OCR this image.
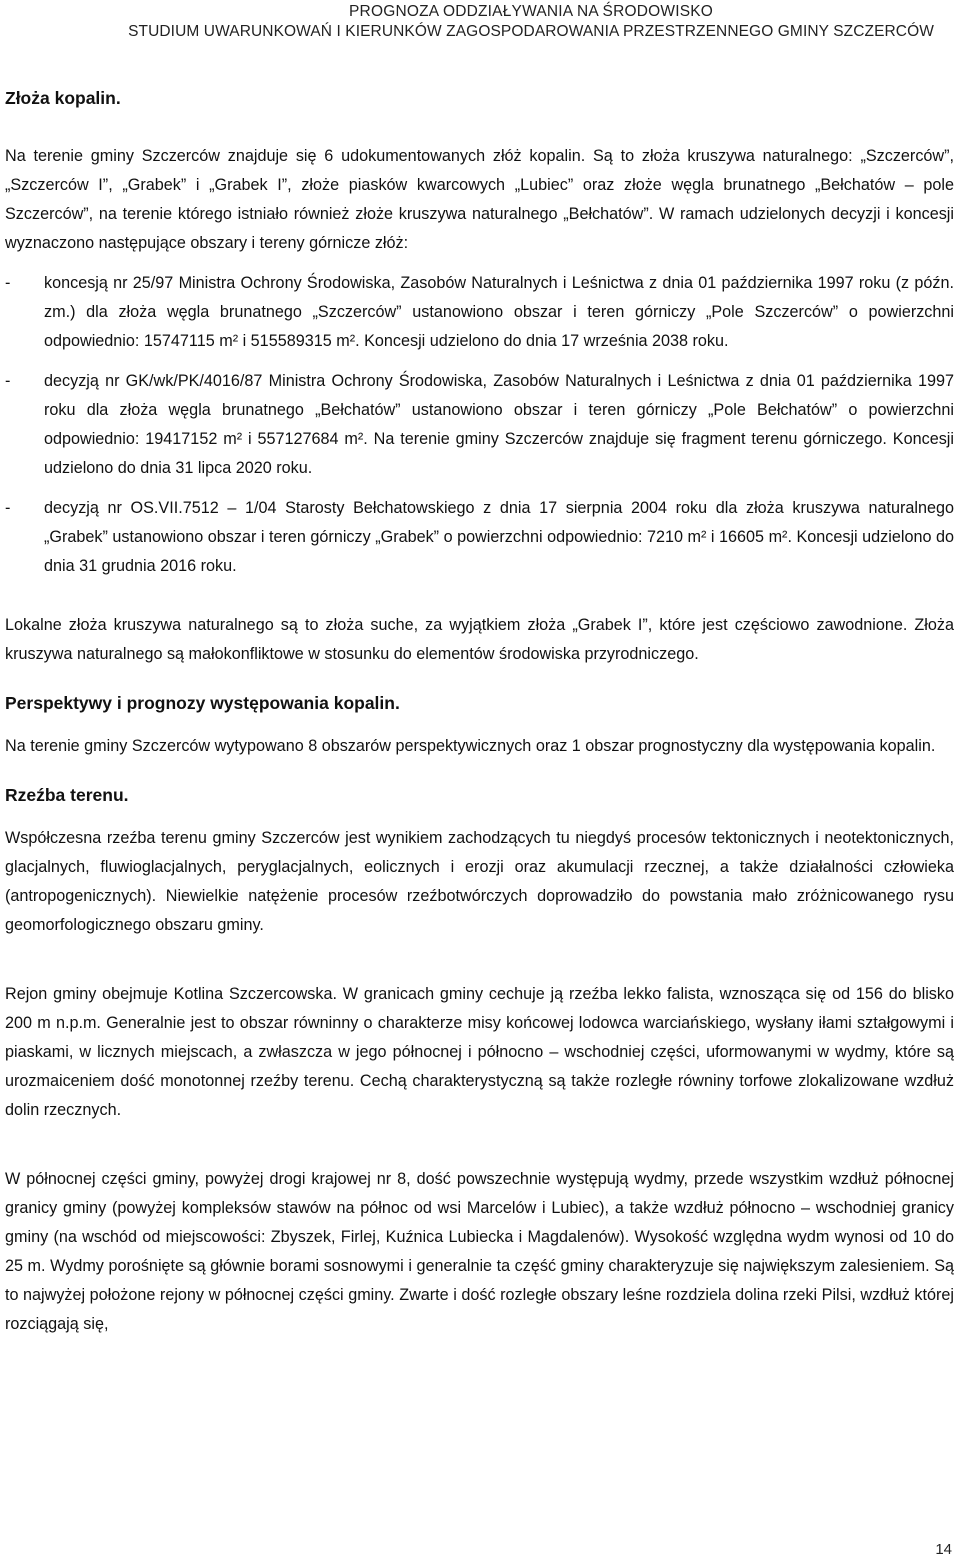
PROGNOZA ODDZIAŁYWANIA NA ŚRODOWISKO
STUDIUM UWARUNKOWAŃ I KIERUNKÓW ZAGOSPODAROWANIA PRZESTRZENNEGO GMINY SZCZERCÓW
Złoża kopalin.

Na terenie gminy Szczerców znajduje się 6 udokumentowanych złóż kopalin. Są to złoża kruszywa naturalnego: „Szczerców”, „Szczerców I”, „Grabek” i „Grabek I”, złoże piasków kwarcowych „Lubiec” oraz złoże węgla brunatnego „Bełchatów – pole Szczerców”, na terenie którego istniało również złoże kruszywa naturalnego „Bełchatów”. W ramach udzielonych decyzji i koncesji wyznaczono następujące obszary i tereny górnicze złóż:

-	koncesją nr 25/97 Ministra Ochrony Środowiska, Zasobów Naturalnych i Leśnictwa z dnia 01 października 1997 roku (z późn. zm.) dla złoża węgla brunatnego „Szczerców” ustanowiono obszar i teren górniczy „Pole Szczerców” o powierzchni odpowiednio: 15747115 m² i 515589315 m². Koncesji udzielono do dnia 17 września 2038 roku.
-	decyzją nr GK/wk/PK/4016/87 Ministra Ochrony Środowiska, Zasobów Naturalnych i Leśnictwa z dnia 01 października 1997 roku dla złoża węgla brunatnego „Bełchatów” ustanowiono obszar i teren górniczy „Pole Bełchatów” o powierzchni odpowiednio: 19417152 m² i 557127684 m². Na terenie gminy Szczerców znajduje się fragment terenu górniczego. Koncesji udzielono do dnia 31 lipca 2020 roku.
-	decyzją nr OS.VII.7512 – 1/04 Starosty Bełchatowskiego z dnia 17 sierpnia 2004 roku dla złoża kruszywa naturalnego „Grabek” ustanowiono obszar i teren górniczy „Grabek” o powierzchni odpowiednio: 7210 m² i 16605 m². Koncesji udzielono do dnia 31 grudnia 2016 roku.

Lokalne złoża kruszywa naturalnego są to złoża suche, za wyjątkiem złoża „Grabek I”, które jest częściowo zawodnione. Złoża kruszywa naturalnego są małokonfliktowe w stosunku do elementów środowiska przyrodniczego.

Perspektywy i prognozy występowania kopalin.

Na terenie gminy Szczerców wytypowano 8 obszarów perspektywicznych oraz 1 obszar prognostyczny dla występowania kopalin.

Rzeźba terenu.

Współczesna rzeźba terenu gminy Szczerców jest wynikiem zachodzących tu niegdyś procesów tektonicznych i neotektonicznych, glacjalnych, fluwioglacjalnych, peryglacjalnych, eolicznych i erozji oraz akumulacji rzecznej, a także działalności człowieka (antropogenicznych). Niewielkie natężenie procesów rzeźbotwórczych doprowadziło do powstania mało zróżnicowanego rysu geomorfologicznego obszaru gminy.

Rejon gminy obejmuje Kotlina Szczercowska. W granicach gminy cechuje ją rzeźba lekko falista, wznosząca się od 156 do blisko 200 m n.p.m. Generalnie jest to obszar równinny o charakterze misy końcowej lodowca warciańskiego, wysłany iłami ształgowymi i piaskami, w licznych miejscach, a zwłaszcza w jego północnej i północno – wschodniej części, uformowanymi w wydmy, które są urozmaiceniem dość monotonnej rzeźby terenu. Cechą charakterystyczną są także rozległe równiny torfowe zlokalizowane wzdłuż dolin rzecznych.

W północnej części gminy, powyżej drogi krajowej nr 8, dość powszechnie występują wydmy, przede wszystkim wzdłuż północnej granicy gminy (powyżej kompleksów stawów na północ od wsi Marcelów i Lubiec), a także wzdłuż północno – wschodniej granicy gminy (na wschód od miejscowości: Zbyszek, Firlej, Kuźnica Lubiecka i Magdalenów). Wysokość względna wydm wynosi od 10 do 25 m. Wydmy porośnięte są głównie borami sosnowymi i generalnie ta część gminy charakteryzuje się największym zalesieniem. Są to najwyżej położone rejony w północnej części gminy. Zwarte i dość rozległe obszary leśne rozdziela dolina rzeki Pilsi, wzdłuż której rozciągają się,

14
